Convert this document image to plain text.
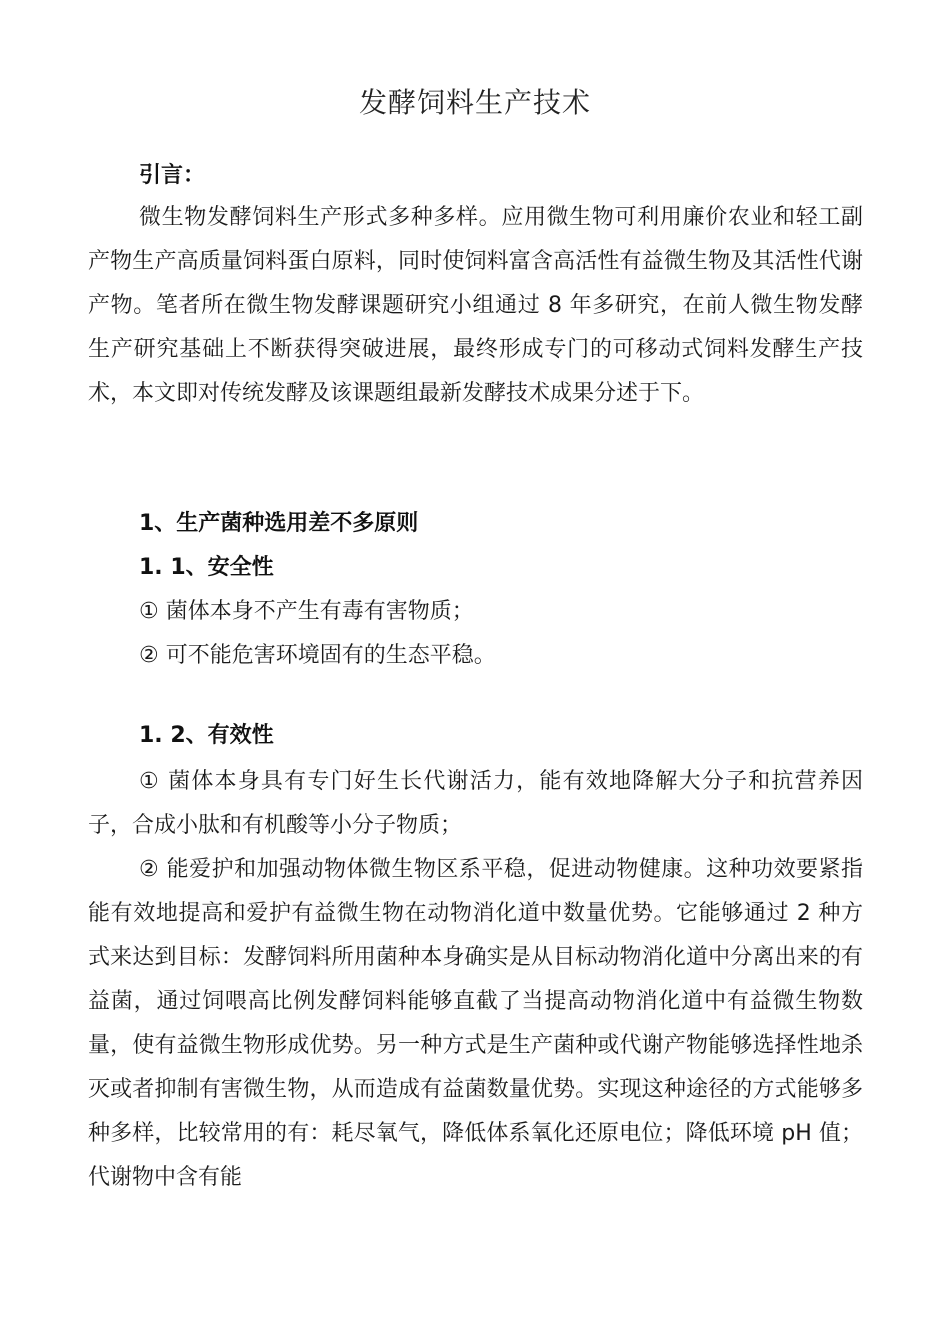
发酵饲料生产技术
引言：

微生物发酵饲料生产形式多种多样。应用微生物可利用廉价农业和轻工副产物生产高质量饲料蛋白原料，同时使饲料富含高活性有益微生物及其活性代谢产物。笔者所在微生物发酵课题研究小组通过 8 年多研究，在前人微生物发酵生产研究基础上不断获得突破进展，最终形成专门的可移动式饲料发酵生产技术，本文即对传统发酵及该课题组最新发酵技术成果分述于下。

1、生产菌种选用差不多原则
1. 1、安全性
① 菌体本身不产生有毒有害物质；
② 可不能危害环境固有的生态平稳。
1. 2、有效性

① 菌体本身具有专门好生长代谢活力，能有效地降解大分子和抗营养因子，合成小肽和有机酸等小分子物质；

② 能爱护和加强动物体微生物区系平稳，促进动物健康。这种功效要紧指能有效地提高和爱护有益微生物在动物消化道中数量优势。它能够通过 2 种方式来达到目标：发酵饲料所用菌种本身确实是从目标动物消化道中分离出来的有益菌，通过饲喂高比例发酵饲料能够直截了当提高动物消化道中有益微生物数量，使有益微生物形成优势。另一种方式是生产菌种或代谢产物能够选择性地杀灭或者抑制有害微生物，从而造成有益菌数量优势。实现这种途径的方式能够多种多样，比较常用的有：耗尽氧气，降低体系氧化还原电位；降低环境 pH 值；代谢物中含有能
